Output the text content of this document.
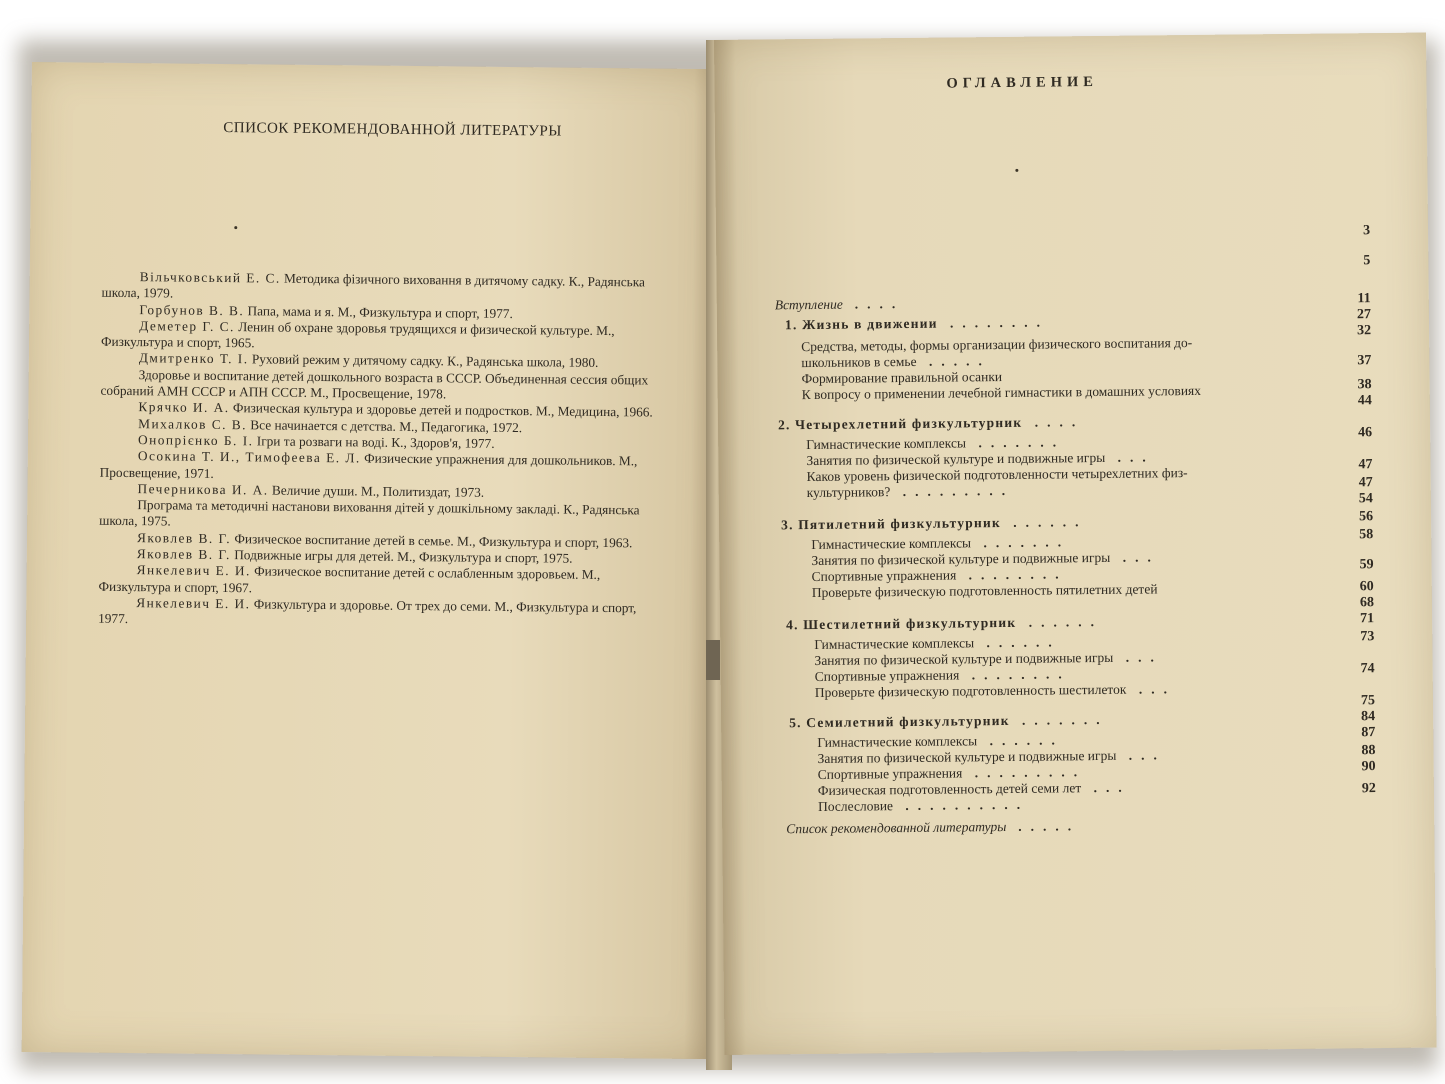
СПИСОК РЕКОМЕНДОВАННОЙ ЛИТЕРАТУРЫ

Вільчковський Е. С. Методика фізичного виховання в дитячому садку. К., Радянська школа, 1979.

Горбунов В. В. Папа, мама и я. М., Физкультура и спорт, 1977.

Деметер Г. С. Ленин об охране здоровья трудящихся и физической культуре. М., Физкультура и спорт, 1965.

Дмитренко Т. І. Руховий режим у дитячому садку. К., Радянська школа, 1980.

Здоровье и воспитание детей дошкольного возраста в СССР. Объединенная сессия общих собраний АМН СССР и АПН СССР. М., Просвещение, 1978.

Крячко И. А. Физическая культура и здоровье детей и подростков. М., Медицина, 1966.

Михалков С. В. Все начинается с детства. М., Педагогика, 1972.

Онопрієнко Б. І. Ігри та розваги на воді. К., Здоров'я, 1977.

Осокина Т. И., Тимофеева Е. Л. Физические упражнения для дошкольников. М., Просвещение, 1971.

Печерникова И. А. Величие души. М., Политиздат, 1973.

Програма та методичні настанови виховання дітей у дошкільному закладі. К., Радянська школа, 1975.

Яковлев В. Г. Физическое воспитание детей в семье. М., Физкультура и спорт, 1963.

Яковлев В. Г. Подвижные игры для детей. М., Физкультура и спорт, 1975.

Янкелевич Е. И. Физическое воспитание детей с ослабленным здоровьем. М., Физкультура и спорт, 1967.

Янкелевич Е. И. Физкультура и здоровье. От трех до семи. М., Физкультура и спорт, 1977.

ОГЛАВЛЕНИЕ
Вступление ....
1. Жизнь в движении ........
Средства, методы, формы организации физического воспитания до-
школьников в семье .....
Формирование правильной осанки
К вопросу о применении лечебной гимнастики в домашних условиях
2. Четырехлетний физкультурник ....
Гимнастические комплексы .......
Занятия по физической культуре и подвижные игры ...
Каков уровень физической подготовленности четырехлетних физ-
культурников? .........
3. Пятилетний физкультурник ......
Гимнастические комплексы .......
Занятия по физической культуре и подвижные игры ...
Спортивные упражнения ........
Проверьте физическую подготовленность пятилетних детей
4. Шестилетний физкультурник ......
Гимнастические комплексы ......
Занятия по физической культуре и подвижные игры ...
Спортивные упражнения ........
Проверьте физическую подготовленность шестилеток ...
5. Семилетний физкультурник .......
Гимнастические комплексы ......
Занятия по физической культуре и подвижные игры ...
Спортивные упражнения .........
Физическая подготовленность детей семи лет ...
Послесловие ..........
Список рекомендованной литературы .....
3
5
11
27
32
37
38
44
46
47
47
54
56
58
59
60
68
71
73
74
75
84
87
88
90
92
